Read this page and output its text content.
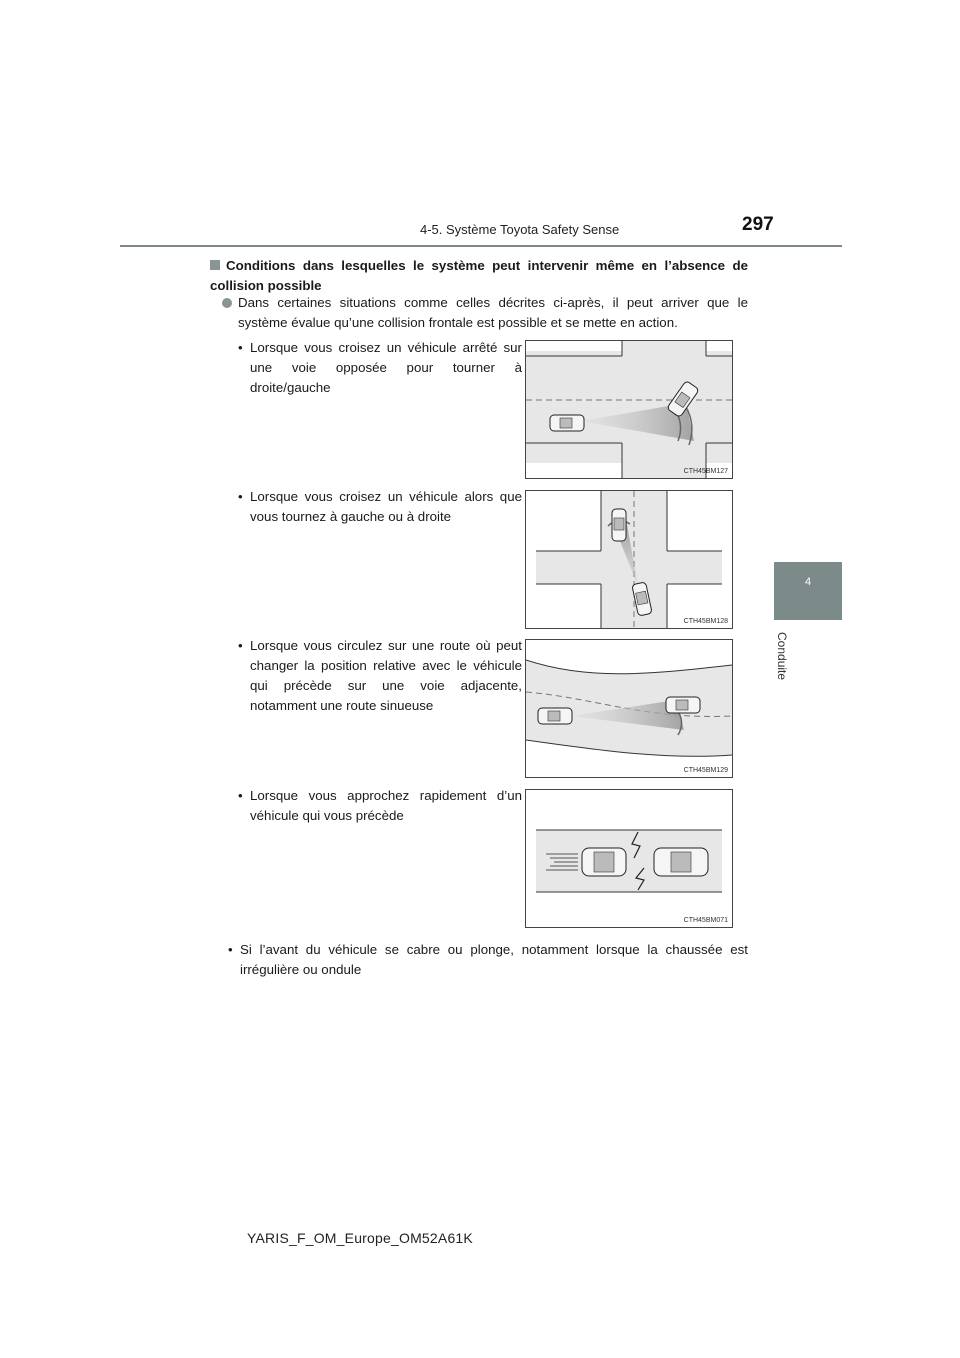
4-5. Système Toyota Safety Sense	297
4
Conduite
Conditions dans lesquelles le système peut intervenir même en l’absence de collision possible
Dans certaines situations comme celles décrites ci-après, il peut arriver que le système évalue qu’une collision frontale est possible et se mette en action.
• Lorsque vous croisez un véhicule arrêté sur une voie opposée pour tourner à droite/gauche
CTH45BM127
• Lorsque vous croisez un véhicule alors que vous tournez à gauche ou à droite
CTH45BM128
• Lorsque vous circulez sur une route où peut changer la position relative avec le véhicule qui précède sur une voie adjacente, notamment une route sinueuse
CTH45BM129
• Lorsque vous approchez rapidement d’un véhicule qui vous précède
CTH45BM071
• Si l’avant du véhicule se cabre ou plonge, notamment lorsque la chaussée est irrégulière ou ondule
YARIS_F_OM_Europe_OM52A61K
